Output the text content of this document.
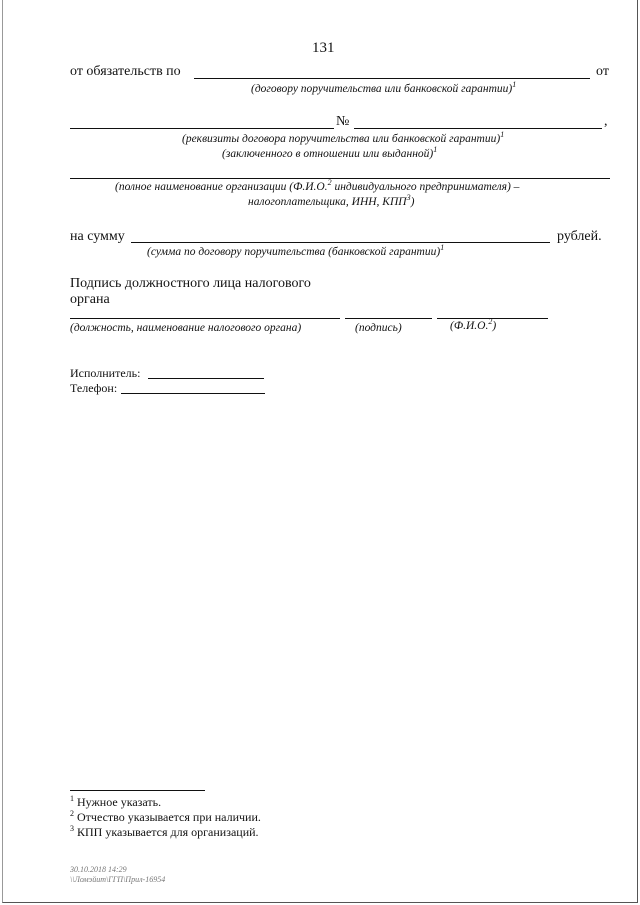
131
от обязательств по	от
(договору поручительства или банковской гарантии)$^1$
№	,
(реквизиты договора поручительства или банковской гарантии)$^1$
(заключенного в отношении или выданной)$^1$
(полное наименование организации (Ф.И.О.$^2$ индивидуального предпринимателя) –
налогоплательщика, ИНН, КПП$^3$)
на сумму	рублей.
(сумма по договору поручительства (банковской гарантии)$^1$
Подпись должностного лица налогового
органа
(должность, наименование налогового органа)	(подпись)	(Ф.И.О.$^2$)
Исполнитель:
Телефон:
$^1$ Нужное указать.
$^2$ Отчество указывается при наличии.
$^3$ КПП указывается для организаций.
30.10.2018 14:29
\\Ломэйит\ГГП\Прил-16954
